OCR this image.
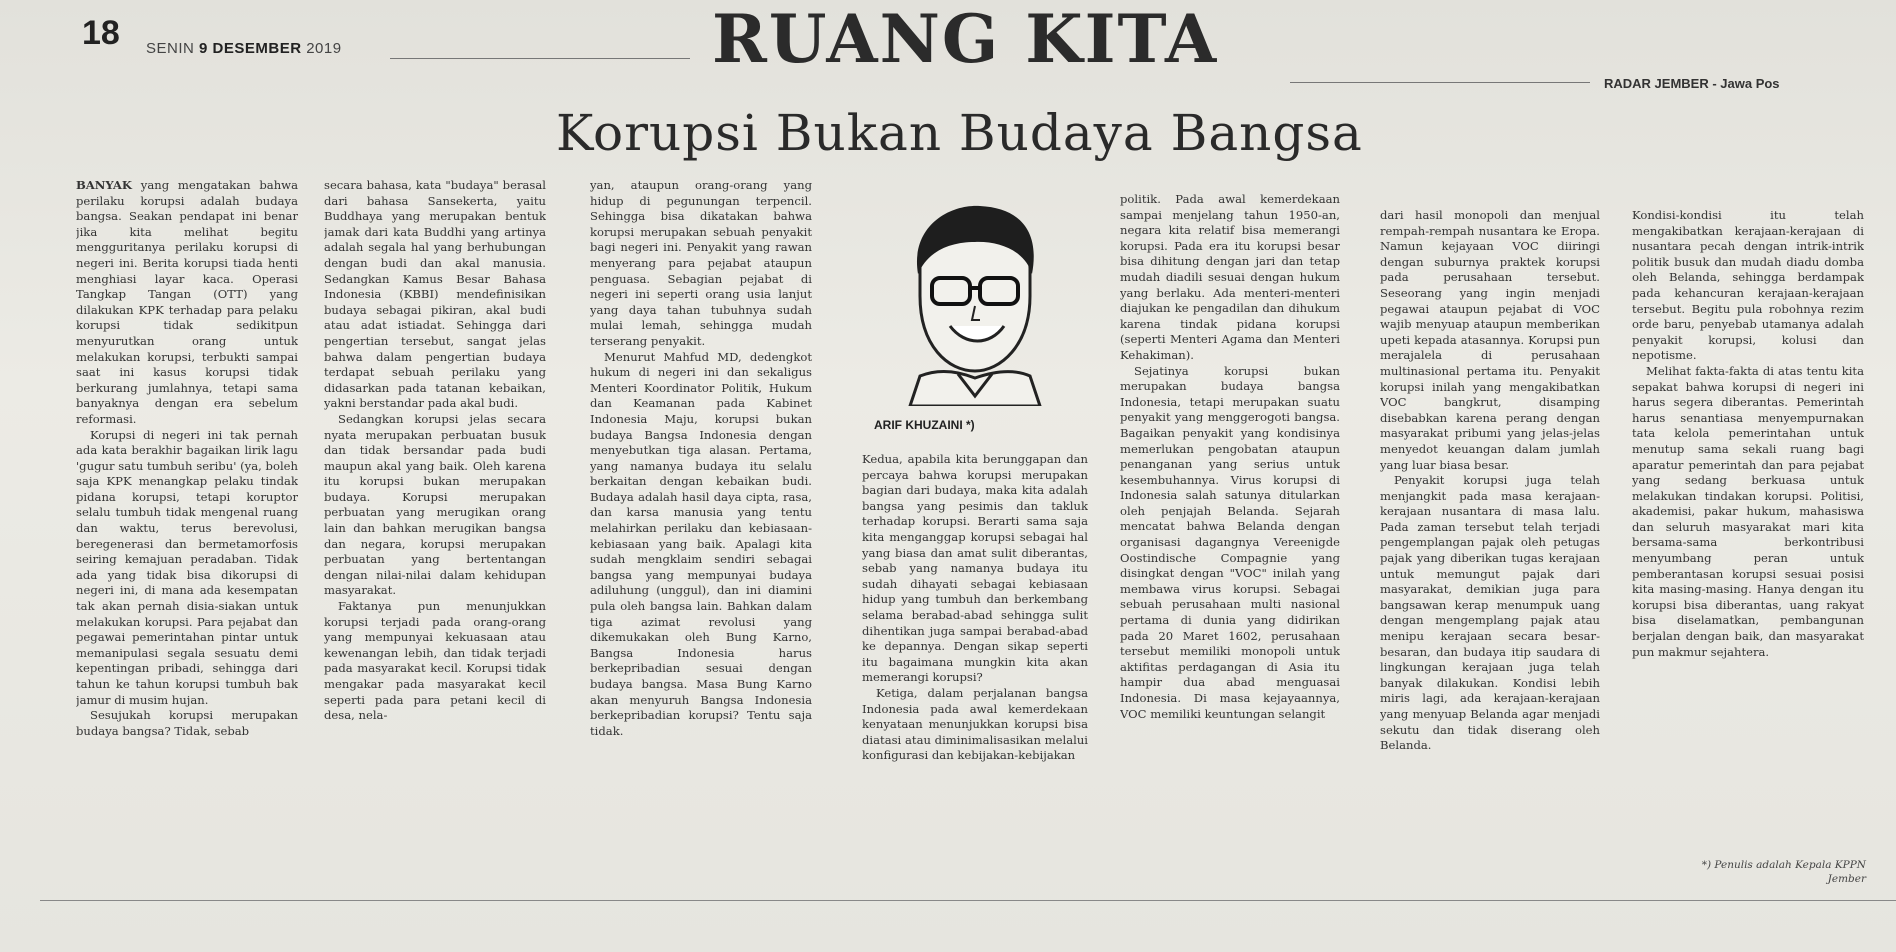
18 SENIN 9 DESEMBER 2019	RUANG KITA
RADAR JEMBER - Jawa Pos
Korupsi Bukan Budaya Bangsa

BANYAK yang mengatakan bahwa perilaku korupsi adalah budaya bangsa. Seakan pendapat ini benar jika kita melihat begitu mengguritanya perilaku korupsi di negeri ini. Berita korupsi tiada henti menghiasi layar kaca. Operasi Tangkap Tangan (OTT) yang dilakukan KPK terhadap para pelaku korupsi tidak sedikitpun menyurutkan orang untuk melakukan korupsi, terbukti sampai saat ini kasus korupsi tidak berkurang jumlahnya, tetapi sama banyaknya dengan era sebelum reformasi.

Korupsi di negeri ini tak pernah ada kata berakhir bagaikan lirik lagu 'gugur satu tumbuh seribu' (ya, boleh saja KPK menangkap pelaku tindak pidana korupsi, tetapi koruptor selalu tumbuh tidak mengenal ruang dan waktu, terus berevolusi, beregenerasi dan bermetamorfosis seiring kemajuan peradaban. Tidak ada yang tidak bisa dikorupsi di negeri ini, di mana ada kesempatan tak akan pernah disia-siakan untuk melakukan korupsi. Para pejabat dan pegawai pemerintahan pintar untuk memanipulasi segala sesuatu demi kepentingan pribadi, sehingga dari tahun ke tahun korupsi tumbuh bak jamur di musim hujan.

Sesujukah korupsi merupakan budaya bangsa? Tidak, sebab

secara bahasa, kata "budaya" berasal dari bahasa Sansekerta, yaitu Buddhaya yang merupakan bentuk jamak dari kata Buddhi yang artinya adalah segala hal yang berhubungan dengan budi dan akal manusia. Sedangkan Kamus Besar Bahasa Indonesia (KBBI) mendefinisikan budaya sebagai pikiran, akal budi atau adat istiadat. Sehingga dari pengertian tersebut, sangat jelas bahwa dalam pengertian budaya terdapat sebuah perilaku yang didasarkan pada tatanan kebaikan, yakni berstandar pada akal budi.

Sedangkan korupsi jelas secara nyata merupakan perbuatan busuk dan tidak bersandar pada budi maupun akal yang baik. Oleh karena itu korupsi bukan merupakan budaya. Korupsi merupakan perbuatan yang merugikan orang lain dan bahkan merugikan bangsa dan negara, korupsi merupakan perbuatan yang bertentangan dengan nilai-nilai dalam kehidupan masyarakat.

Faktanya pun menunjukkan korupsi terjadi pada orang-orang yang mempunyai kekuasaan atau kewenangan lebih, dan tidak terjadi pada masyarakat kecil. Korupsi tidak mengakar pada masyarakat kecil seperti pada para petani kecil di desa, nela-

yan, ataupun orang-orang yang hidup di pegunungan terpencil. Sehingga bisa dikatakan bahwa korupsi merupakan sebuah penyakit bagi negeri ini. Penyakit yang rawan menyerang para pejabat ataupun penguasa. Sebagian pejabat di negeri ini seperti orang usia lanjut yang daya tahan tubuhnya sudah mulai lemah, sehingga mudah terserang penyakit.

Menurut Mahfud MD, dedengkot hukum di negeri ini dan sekaligus Menteri Koordinator Politik, Hukum dan Keamanan pada Kabinet Indonesia Maju, korupsi bukan budaya Bangsa Indonesia dengan menyebutkan tiga alasan. Pertama, yang namanya budaya itu selalu berkaitan dengan kebaikan budi. Budaya adalah hasil daya cipta, rasa, dan karsa manusia yang tentu melahirkan perilaku dan kebiasaan-kebiasaan yang baik. Apalagi kita sudah mengklaim sendiri sebagai bangsa yang mempunyai budaya adiluhung (unggul), dan ini diamini pula oleh bangsa lain. Bahkan dalam tiga azimat revolusi yang dikemukakan oleh Bung Karno, Bangsa Indonesia harus berkepribadian sesuai dengan budaya bangsa. Masa Bung Karno akan menyuruh Bangsa Indonesia berkepribadian korupsi? Tentu saja tidak.

ARIF KHUZAINI *)

Kedua, apabila kita berunggapan dan percaya bahwa korupsi merupakan bagian dari budaya, maka kita adalah bangsa yang pesimis dan takluk terhadap korupsi. Berarti sama saja kita menganggap korupsi sebagai hal yang biasa dan amat sulit diberantas, sebab yang namanya budaya itu sudah dihayati sebagai kebiasaan hidup yang tumbuh dan berkembang selama berabad-abad sehingga sulit dihentikan juga sampai berabad-abad ke depannya. Dengan sikap seperti itu bagaimana mungkin kita akan memerangi korupsi?

Ketiga, dalam perjalanan bangsa Indonesia pada awal kemerdekaan kenyataan menunjukkan korupsi bisa diatasi atau diminimalisasikan melalui konfigurasi dan kebijakan-kebijakan

politik. Pada awal kemerdekaan sampai menjelang tahun 1950-an, negara kita relatif bisa memerangi korupsi. Pada era itu korupsi besar bisa dihitung dengan jari dan tetap mudah diadili sesuai dengan hukum yang berlaku. Ada menteri-menteri diajukan ke pengadilan dan dihukum karena tindak pidana korupsi (seperti Menteri Agama dan Menteri Kehakiman).

Sejatinya korupsi bukan merupakan budaya bangsa Indonesia, tetapi merupakan suatu penyakit yang menggerogoti bangsa. Bagaikan penyakit yang kondisinya memerlukan pengobatan ataupun penanganan yang serius untuk kesembuhannya. Virus korupsi di Indonesia salah satunya ditularkan oleh penjajah Belanda. Sejarah mencatat bahwa Belanda dengan organisasi dagangnya Vereenigde Oostindische Compagnie yang disingkat dengan "VOC" inilah yang membawa virus korupsi. Sebagai sebuah perusahaan multi nasional pertama di dunia yang didirikan pada 20 Maret 1602, perusahaan tersebut memiliki monopoli untuk aktifitas perdagangan di Asia itu hampir dua abad menguasai Indonesia. Di masa kejayaannya, VOC memiliki keuntungan selangit

dari hasil monopoli dan menjual rempah-rempah nusantara ke Eropa. Namun kejayaan VOC diiringi dengan suburnya praktek korupsi pada perusahaan tersebut. Seseorang yang ingin menjadi pegawai ataupun pejabat di VOC wajib menyuap ataupun memberikan upeti kepada atasannya. Korupsi pun merajalela di perusahaan multinasional pertama itu. Penyakit korupsi inilah yang mengakibatkan VOC bangkrut, disamping disebabkan karena perang dengan masyarakat pribumi yang jelas-jelas menyedot keuangan dalam jumlah yang luar biasa besar.

Penyakit korupsi juga telah menjangkit pada masa kerajaan-kerajaan nusantara di masa lalu. Pada zaman tersebut telah terjadi pengemplangan pajak oleh petugas pajak yang diberikan tugas kerajaan untuk memungut pajak dari masyarakat, demikian juga para bangsawan kerap menumpuk uang dengan mengemplang pajak atau menipu kerajaan secara besar-besaran, dan budaya itip saudara di lingkungan kerajaan juga telah banyak dilakukan. Kondisi lebih miris lagi, ada kerajaan-kerajaan yang menyuap Belanda agar menjadi sekutu dan tidak diserang oleh Belanda.

Kondisi-kondisi itu telah mengakibatkan kerajaan-kerajaan di nusantara pecah dengan intrik-intrik politik busuk dan mudah diadu domba oleh Belanda, sehingga berdampak pada kehancuran kerajaan-kerajaan tersebut. Begitu pula robohnya rezim orde baru, penyebab utamanya adalah penyakit korupsi, kolusi dan nepotisme.

Melihat fakta-fakta di atas tentu kita sepakat bahwa korupsi di negeri ini harus segera diberantas. Pemerintah harus senantiasa menyempurnakan tata kelola pemerintahan untuk menutup sama sekali ruang bagi aparatur pemerintah dan para pejabat yang sedang berkuasa untuk melakukan tindakan korupsi. Politisi, akademisi, pakar hukum, mahasiswa dan seluruh masyarakat mari kita bersama-sama berkontribusi menyumbang peran untuk pemberantasan korupsi sesuai posisi kita masing-masing. Hanya dengan itu korupsi bisa diberantas, uang rakyat bisa diselamatkan, pembangunan berjalan dengan baik, dan masyarakat pun makmur sejahtera.

*) Penulis adalah Kepala KPPN Jember
